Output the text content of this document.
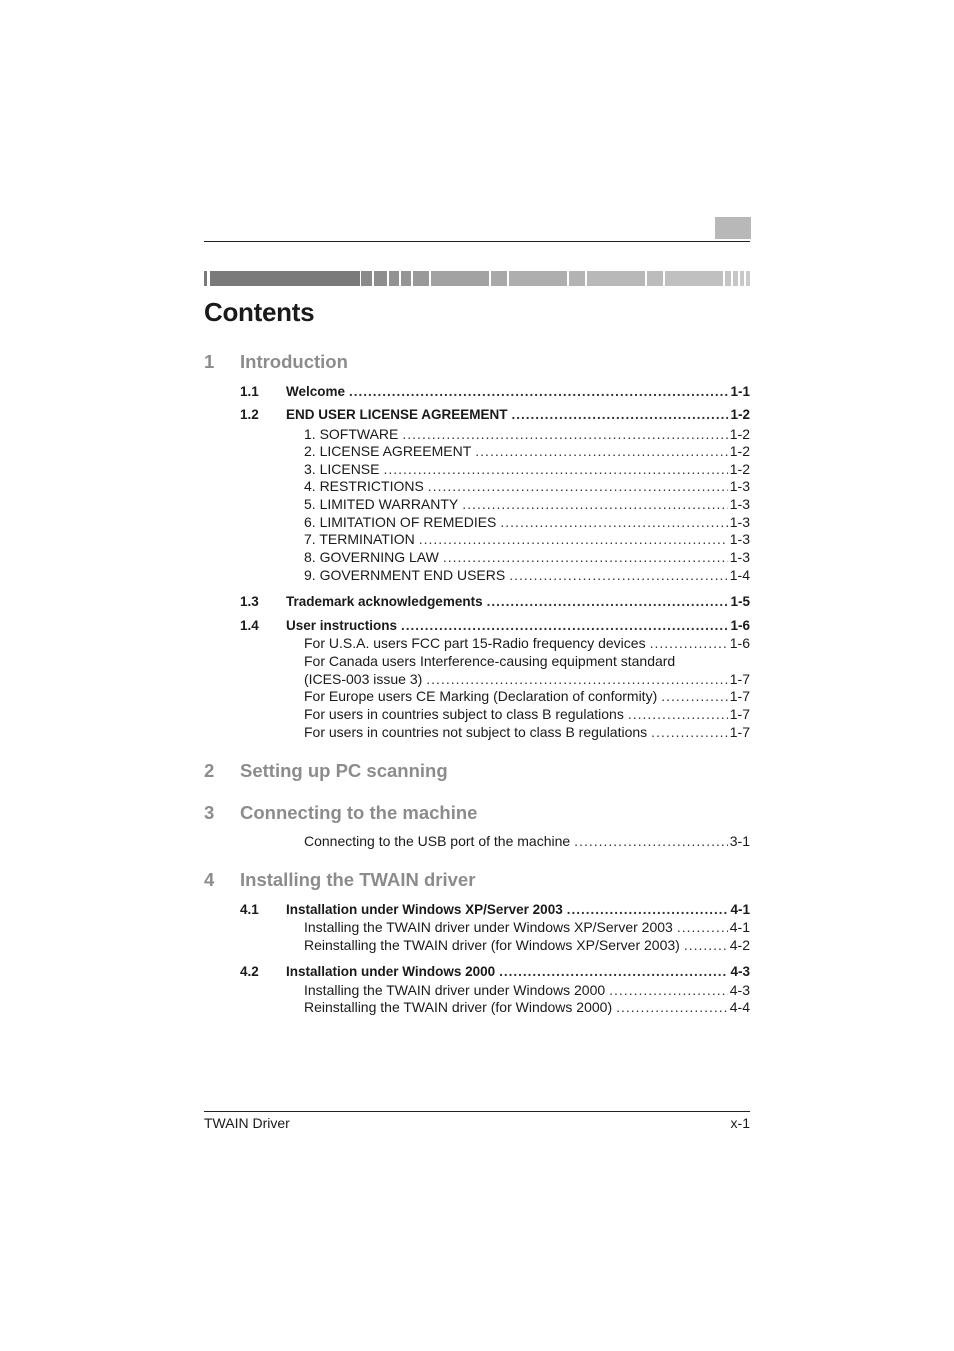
Contents
1 Introduction
1.1 Welcome .....	1-1
1.2 END USER LICENSE AGREEMENT .....	1-2
1. SOFTWARE .....	1-2
2. LICENSE AGREEMENT .....	1-2
3. LICENSE .....	1-2
4. RESTRICTIONS .....	1-3
5. LIMITED WARRANTY .....	1-3
6. LIMITATION OF REMEDIES .....	1-3
7. TERMINATION .....	1-3
8. GOVERNING LAW .....	1-3
9. GOVERNMENT END USERS .....	1-4
1.3 Trademark acknowledgements .....	1-5
1.4 User instructions .....	1-6
For U.S.A. users FCC part 15-Radio frequency devices .....	1-6
For Canada users Interference-causing equipment standard
(ICES-003 issue 3) .....	1-7
For Europe users CE Marking (Declaration of conformity) .....	1-7
For users in countries subject to class B regulations .....	1-7
For users in countries not subject to class B regulations .....	1-7
2 Setting up PC scanning
3 Connecting to the machine
Connecting to the USB port of the machine .....	3-1
4 Installing the TWAIN driver
4.1 Installation under Windows XP/Server 2003 .....	4-1
Installing the TWAIN driver under Windows XP/Server 2003 .....	4-1
Reinstalling the TWAIN driver (for Windows XP/Server 2003) .....	4-2
4.2 Installation under Windows 2000 .....	4-3
Installing the TWAIN driver under Windows 2000 .....	4-3
Reinstalling the TWAIN driver (for Windows 2000) .....	4-4
TWAIN Driver	x-1
